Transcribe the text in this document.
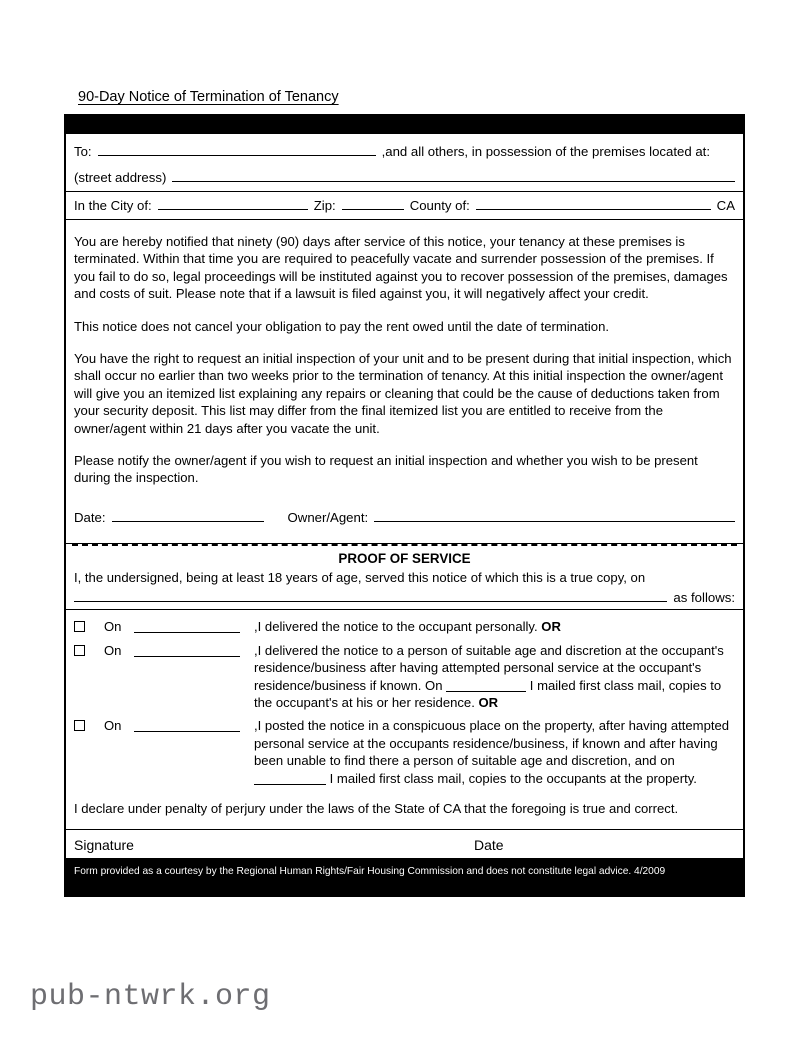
90-Day Notice of Termination of Tenancy
To:	,and all others, in possession of the premises located at:
(street address)
In the City of:	Zip:	County of:	CA

You are hereby notified that ninety (90) days after service of this notice, your tenancy at these premises is terminated. Within that time you are required to peacefully vacate and surrender possession of the premises. If you fail to do so, legal proceedings will be instituted against you to recover possession of the premises, damages and costs of suit. Please note that if a lawsuit is filed against you, it will negatively affect your credit.

This notice does not cancel your obligation to pay the rent owed until the date of termination.

You have the right to request an initial inspection of your unit and to be present during that initial inspection, which shall occur no earlier than two weeks prior to the termination of tenancy. At this initial inspection the owner/agent will give you an itemized list explaining any repairs or cleaning that could be the cause of deductions taken from your security deposit. This list may differ from the final itemized list you are entitled to receive from the owner/agent within 21 days after you vacate the unit.

Please notify the owner/agent if you wish to request an initial inspection and whether you wish to be present during the inspection.

Date:	Owner/Agent:
PROOF OF SERVICE
I, the undersigned, being at least 18 years of age, served this notice of which this is a true copy, on
as follows:
On	,I delivered the notice to the occupant personally. OR
On	,I delivered the notice to a person of suitable age and discretion at the occupant's residence/business after having attempted personal service at the occupant's residence/business if known. On	I mailed first class mail, copies to the occupant's at his or her residence. OR
On	,I posted the notice in a conspicuous place on the property, after having attempted personal service at the occupants residence/business, if known and after having been unable to find there a person of suitable age and discretion, and on  I mailed first class mail, copies to the occupants at the property.
I declare under penalty of perjury under the laws of the State of CA that the foregoing is true and correct.
Signature	Date
Form provided as a courtesy by the Regional Human Rights/Fair Housing Commission and does not constitute legal advice. 4/2009
pub-ntwrk.org
